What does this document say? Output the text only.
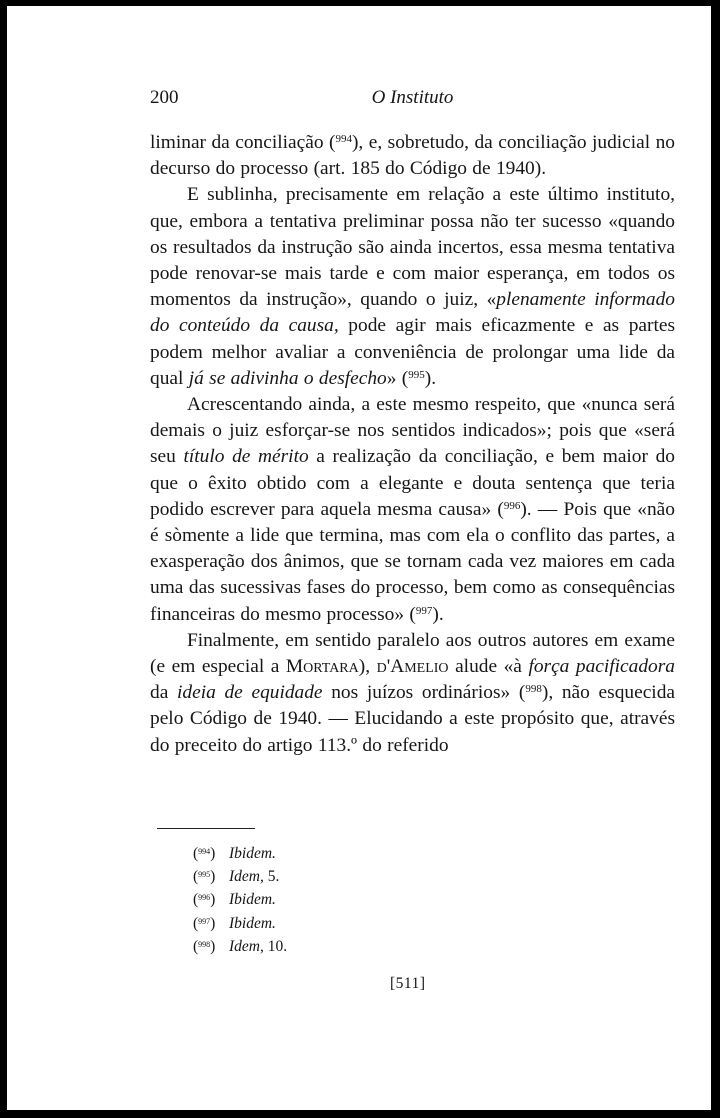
200	O Instituto

liminar da conciliação ($^{994}$), e, sobretudo, da conciliação judicial no decurso do processo (art. 185 do Código de 1940).

E sublinha, precisamente em relação a este último instituto, que, embora a tentativa preliminar possa não ter sucesso «quando os resultados da instrução são ainda incertos, essa mesma tentativa pode renovar-se mais tarde e com maior esperança, em todos os momentos da instrução», quando o juiz, «plenamente informado do conteúdo da causa, pode agir mais eficazmente e as partes podem melhor avaliar a conveniência de prolongar uma lide da qual já se adivinha o desfecho» ($^{995}$).

Acrescentando ainda, a este mesmo respeito, que «nunca será demais o juiz esforçar-se nos sentidos indicados»; pois que «será seu título de mérito a realização da conciliação, e bem maior do que o êxito obtido com a elegante e douta sentença que teria podido escrever para aquela mesma causa» ($^{996}$). — Pois que «não é sòmente a lide que termina, mas com ela o conflito das partes, a exasperação dos ânimos, que se tornam cada vez maiores em cada uma das sucessivas fases do processo, bem como as consequências financeiras do mesmo processo» ($^{997}$).

Finalmente, em sentido paralelo aos outros autores em exame (e em especial a Mortara), d'Amelio alude «à força pacificadora da ideia de equidade nos juízos ordinários» ($^{998}$), não esquecida pelo Código de 1940. — Elucidando a este propósito que, através do preceito do artigo 113.º do referido

($^{994}$) Ibidem.
($^{995}$) Idem, 5.
($^{996}$) Ibidem.
($^{997}$) Ibidem.
($^{998}$) Idem, 10.
[511]
